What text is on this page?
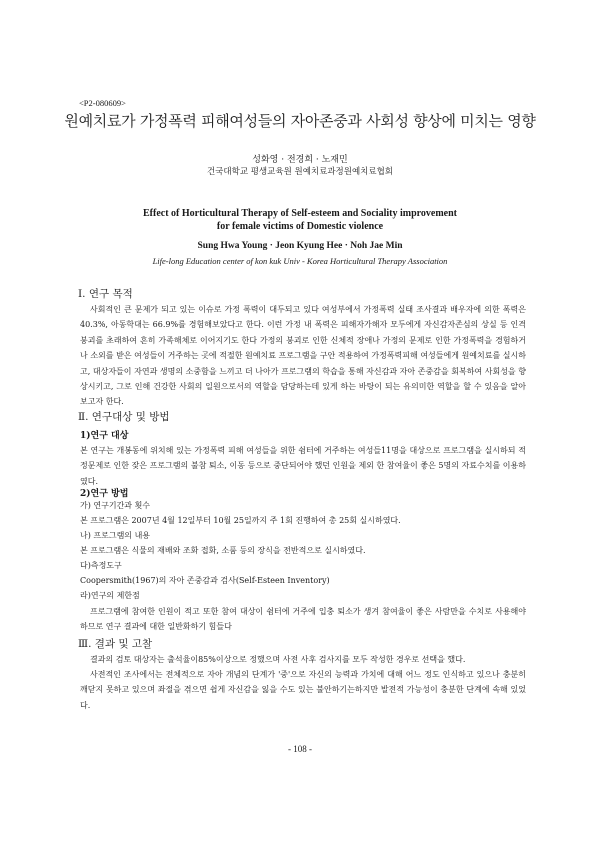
<P2-080609>
원예치료가 가정폭력 피해여성들의 자아존중과 사회성 향상에 미치는 영향
성화영 · 전경희 · 노재민
건국대학교 평생교육원 원예치료과정원예치료협회
Effect of Horticultural Therapy of Self-esteem and Sociality improvement
for female victims of Domestic violence
Sung Hwa Young · Jeon Kyung Hee · Noh Jae Min
Life-long Education center of kon kuk Univ - Korea Horticultural Therapy Association
Ⅰ. 연구 목적
사회적인 큰 문제가 되고 있는 이슈로 가정 폭력이 대두되고 있다 여성부에서 가정폭력 실태 조사결과 배우자에 의한 폭력은 40.3%, 아동학대는 66.9%를 경험해보았다고 한다. 이런 가정 내 폭력은 피해자가해자 모두에게 자신감자존심의 상실 등 인격붕괴를 초래하여 흔히 가족해체로 이어지기도 한다 가정의 붕괴로 인한 신체적 장애나 가정의 문제로 인한 가정폭력을 경험하거나 소외를 받은 여성들이 거주하는 곳에 적절한 원예치료 프로그램을 구안 적용하여 가정폭력피해 여성들에게 원예치료를 실시하고, 대상자들이 자연과 생명의 소중함을 느끼고 더 나아가 프로그램의 학습을 통해 자신감과 자아 존중감을 회복하여 사회성을 향상시키고, 그로 인해 건강한 사회의 일원으로서의 역할을 담당하는데 있게 하는 바탕이 되는 유의미한 역할을 할 수 있음을 알아보고자 한다.
Ⅱ. 연구대상 및 방법
1)연구 대상
본 연구는 개봉동에 위치해 있는 가정폭력 피해 여성들을 위한 쉼터에 거주하는 여성들11명을 대상으로 프로그램을 실시하되 적정문제로 인한 잦은 프로그램의 불참 퇴소, 이동 등으로 중단되어야 했던 인원을 제외 한 참여율이 좋은 5명의 자료수치를 이용하였다.
2)연구 방법
가) 연구기간과 횟수
본 프로그램은 2007년 4월 12일부터 10월 25일까지 주 1회 진행하여 총 25회 실시하였다.
나) 프로그램의 내용
본 프로그램은 식물의 재배와 조화 접화, 소품 등의 장식을 전반적으로 실시하였다.
다)측정도구
Coopersmith(1967)의 자아 존중감과 검사(Self-Esteen Inventory)
라)연구의 제한점
프로그램에 참여한 인원이 적고 또한 참여 대상이 쉼터에 거주에 입충 퇴소가 생겨 참여율이 좋은 사람만을 수치로 사용해야 하므로 연구 결과에 대한 일반화하기 힘들다
Ⅲ. 결과 및 고찰
결과의 검토 대상자는 출석율이85%이상으로 정했으며 사전 사후 검사지를 모두 작성한 경우로 선택을 했다.
사전적인 조사에서는 전체적으로 자아 개념의 단계가 '중'으로 자신의 능력과 가치에 대해 어느 정도 인식하고 있으나 충분히 깨닫지 못하고 있으며 좌절을 겪으면 쉽게 자신감을 잃을 수도 있는 불안하기는하지만 발전적 가능성이 충분한 단계에 속해 있었다.
- 108 -
